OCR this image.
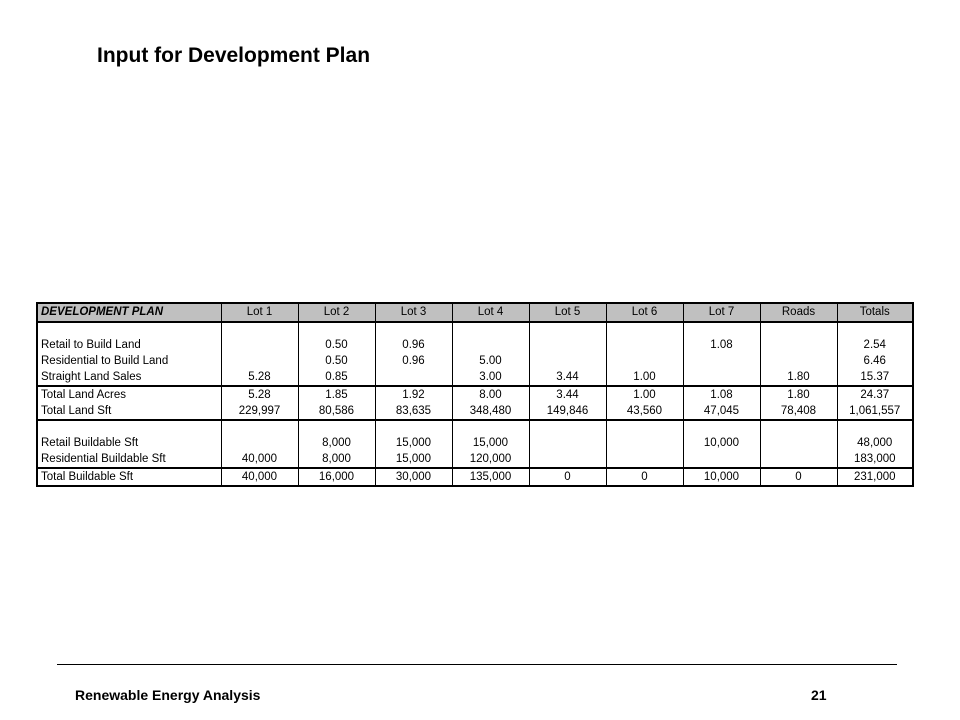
Input for Development Plan
DEVELOPMENT PLAN	Lot 1	Lot 2	Lot 3	Lot 4	Lot 5	Lot 6	Lot 7	Roads	Totals

Retail to Build Land		0.50	0.96				1.08		2.54
Residential to Build Land		0.50	0.96	5.00					6.46
Straight Land Sales	5.28	0.85		3.00	3.44	1.00		1.80	15.37
Total Land Acres	5.28	1.85	1.92	8.00	3.44	1.00	1.08	1.80	24.37
Total Land Sft	229,997	80,586	83,635	348,480	149,846	43,560	47,045	78,408	1,061,557

Retail Buildable Sft		8,000	15,000	15,000			10,000		48,000
Residential Buildable Sft	40,000	8,000	15,000	120,000					183,000
Total Buildable Sft	40,000	16,000	30,000	135,000	0	0	10,000	0	231,000
Renewable Energy Analysis	21
